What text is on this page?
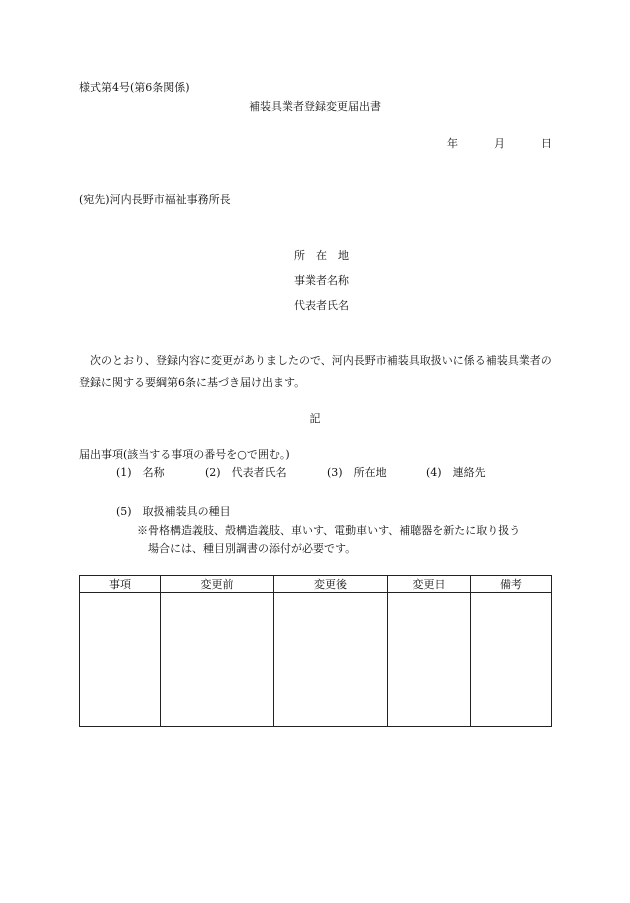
様式第4号(第6条関係)
補装具業者登録変更届出書
年	月	日
(宛先)河内長野市福祉事務所長
所　在　地
事業者名称
代表者氏名
次のとおり、登録内容に変更がありましたので、河内長野市補装具取扱いに係る補装具業者の登録に関する要綱第6条に基づき届け出ます。
記
届出事項(該当する事項の番号を○で囲む。)
(1)　 名称	(2)　 代表者氏名	(3)　 所在地	(4)　 連絡先
(5)　 取扱補装具の種目
※骨格構造義肢、殻構造義肢、車いす、電動車いす、補聴器を新たに取り扱う
場合には、種目別調書の添付が必要です。
事項	変更前	変更後	変更日	備考
